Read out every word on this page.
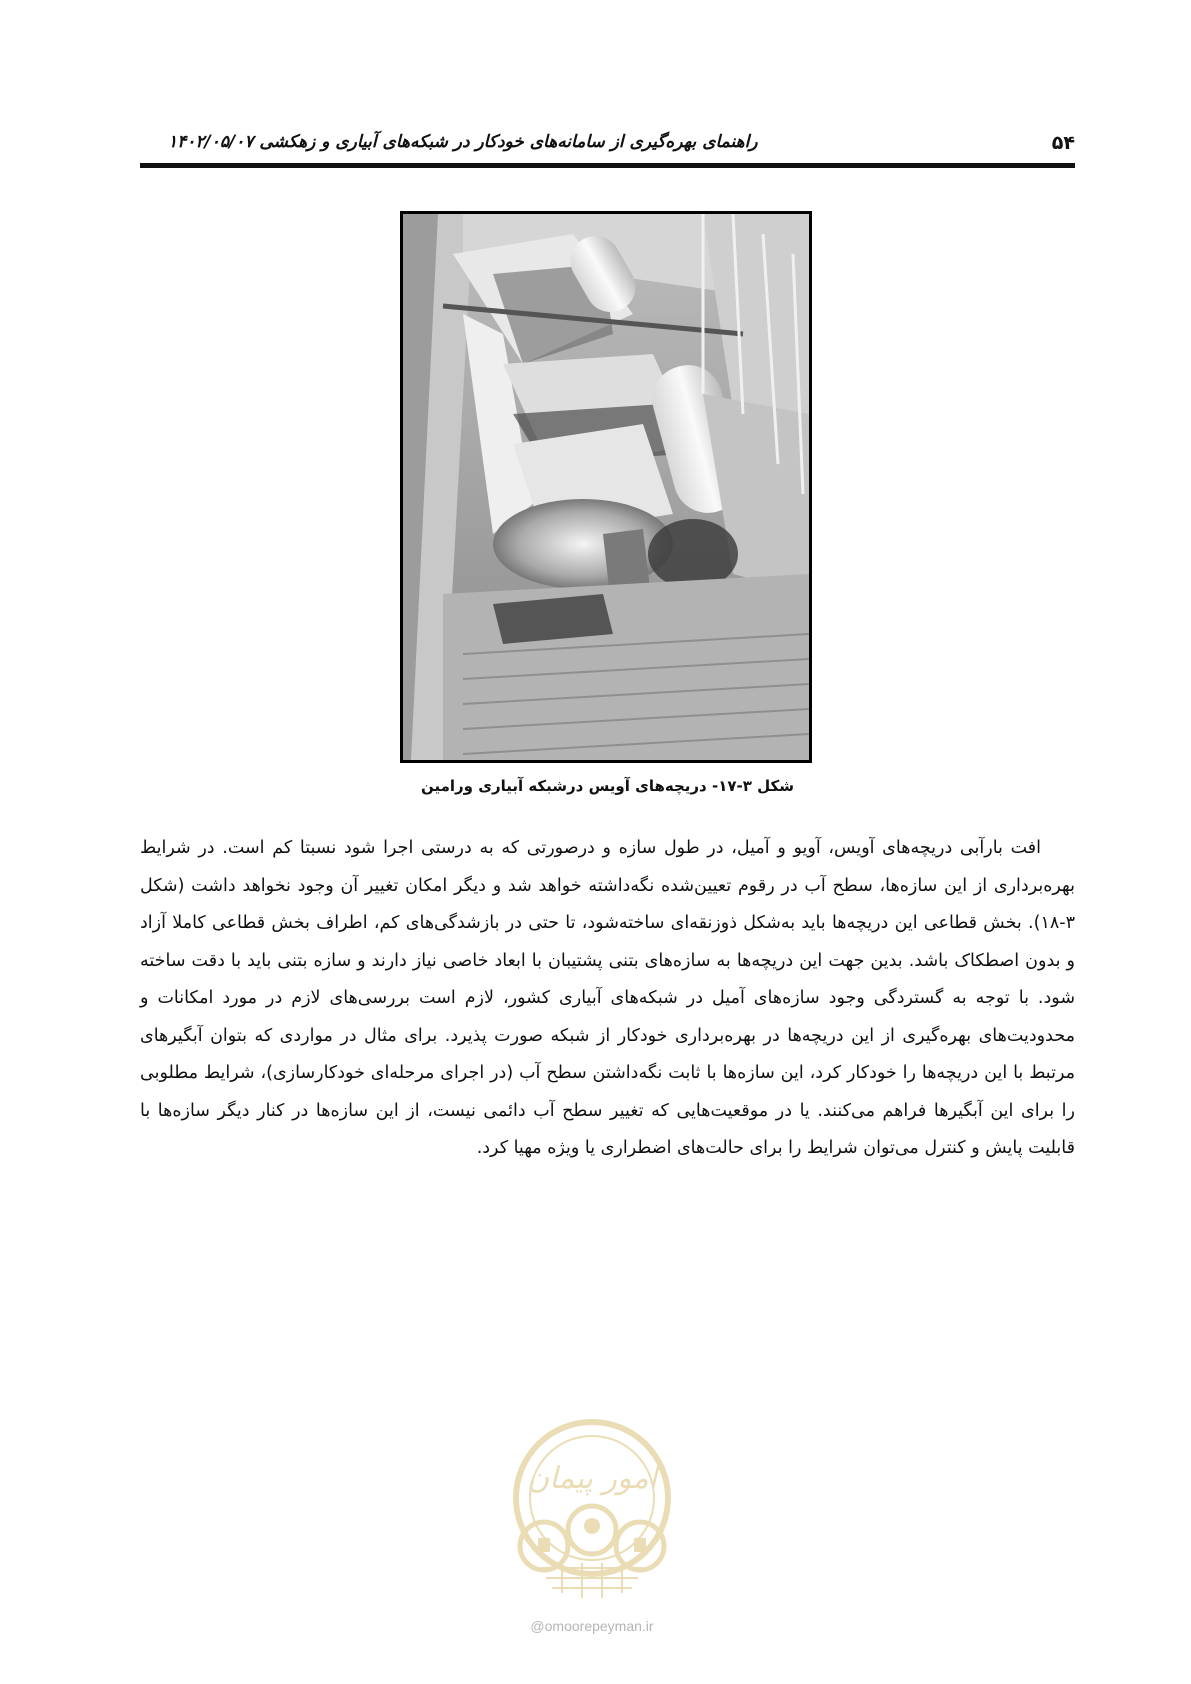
۵۴
راهنمای بهره‌گیری از سامانه‌های خودکار در شبکه‌های آبیاری و زهکشی ۱۴۰۲/۰۵/۰۷
شکل ۳-۱۷- دریچه‌های آویس درشبکه آبیاری ورامین

افت بارآبی دریچه‌های آویس، آویو و آمیل، در طول سازه و درصورتی که به درستی اجرا شود نسبتا کم است. در شرایط بهره‌برداری از این سازه‌ها، سطح آب در رقوم تعیین‌شده نگه‌داشته خواهد شد و دیگر امکان تغییر آن وجود نخواهد داشت (شکل ۳-۱۸). بخش قطاعی این دریچه‌ها باید به‌شکل ذوزنقه‌ای ساخته‌شود، تا حتی در بازشدگی‌های کم، اطراف بخش قطاعی کاملا آزاد و بدون اصطکاک باشد. بدین جهت این دریچه‌ها به سازه‌های بتنی پشتیبان با ابعاد خاصی نیاز دارند و سازه بتنی باید با دقت ساخته شود. با توجه به گستردگی وجود سازه‌های آمیل در شبکه‌های آبیاری کشور، لازم است بررسی‌های لازم در مورد امکانات و محدودیت‌های بهره‌گیری از این دریچه‌ها در بهره‌برداری خودکار از شبکه صورت پذیرد. برای مثال در مواردی که بتوان آبگیرهای مرتبط با این دریچه‌ها را خودکار کرد، این سازه‌ها با ثابت نگه‌داشتن سطح آب (در اجرای مرحله‌ای خودکارسازی)، شرایط مطلوبی را برای این آبگیرها فراهم می‌کنند. یا در موقعیت‌هایی که تغییر سطح آب دائمی نیست، از این سازه‌ها در کنار دیگر سازه‌ها با قابلیت پایش و کنترل می‌توان شرایط را برای حالت‌های اضطراری یا ویژه مهیا کرد.

امور پیمان
@omoorepeyman.ir
